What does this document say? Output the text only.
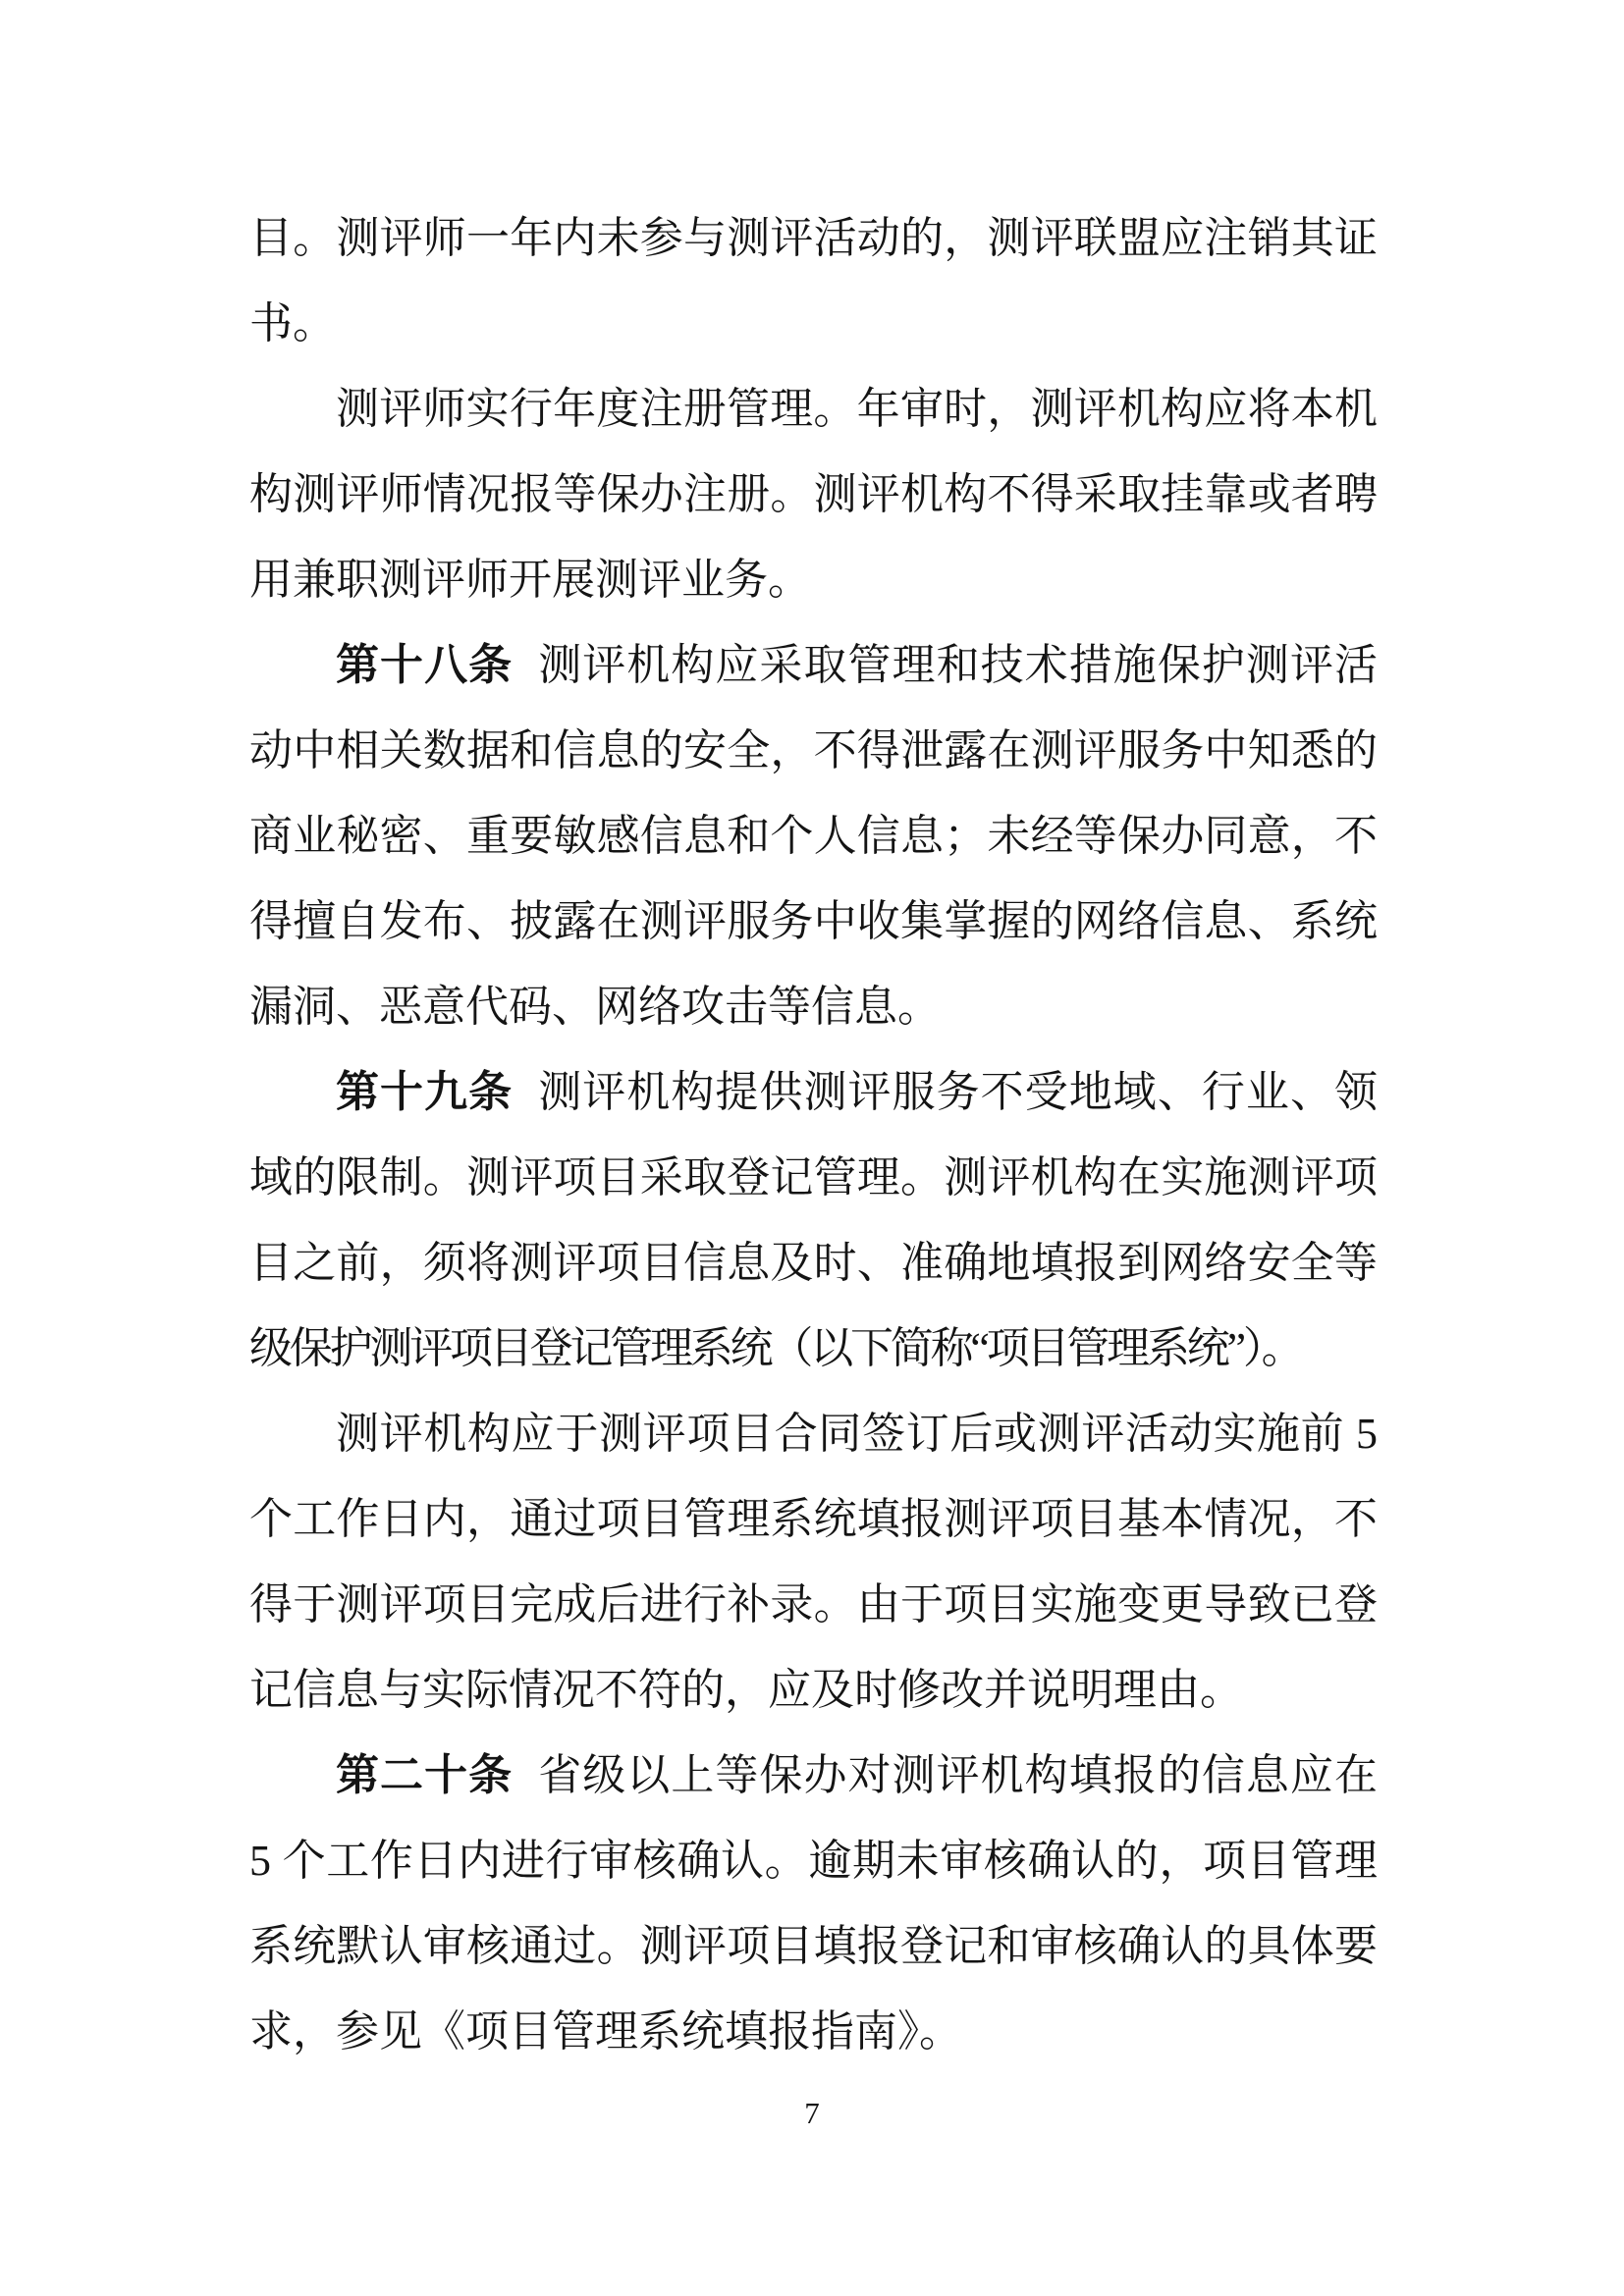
目。测评师一年内未参与测评活动的，测评联盟应注销其证
书。
测评师实行年度注册管理。年审时，测评机构应将本机
构测评师情况报等保办注册。测评机构不得采取挂靠或者聘
用兼职测评师开展测评业务。
第十八条 测评机构应采取管理和技术措施保护测评活
动中相关数据和信息的安全，不得泄露在测评服务中知悉的
商业秘密、重要敏感信息和个人信息；未经等保办同意，不
得擅自发布、披露在测评服务中收集掌握的网络信息、系统
漏洞、恶意代码、网络攻击等信息。
第十九条 测评机构提供测评服务不受地域、行业、领
域的限制。测评项目采取登记管理。测评机构在实施测评项
目之前，须将测评项目信息及时、准确地填报到网络安全等
级保护测评项目登记管理系统（以下简称“项目管理系统”）。
测评机构应于测评项目合同签订后或测评活动实施前 5
个工作日内，通过项目管理系统填报测评项目基本情况，不
得于测评项目完成后进行补录。由于项目实施变更导致已登
记信息与实际情况不符的，应及时修改并说明理由。
第二十条 省级以上等保办对测评机构填报的信息应在
5 个工作日内进行审核确认。逾期未审核确认的，项目管理
系统默认审核通过。测评项目填报登记和审核确认的具体要
求，参见《项目管理系统填报指南》。
7
